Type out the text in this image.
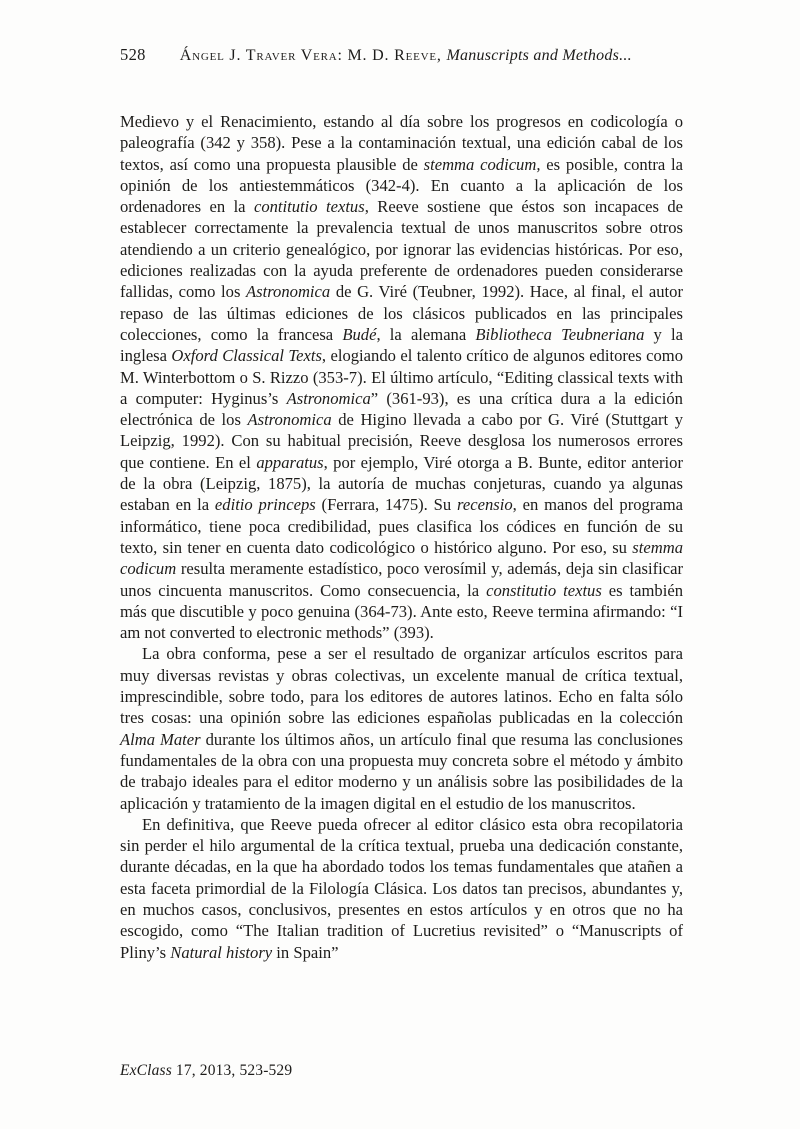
528 Ángel J. Traver Vera: M. D. Reeve, Manuscripts and Methods...

Medievo y el Renacimiento, estando al día sobre los progresos en codicología o paleografía (342 y 358). Pese a la contaminación textual, una edición cabal de los textos, así como una propuesta plausible de stemma codicum, es posible, contra la opinión de los antiestemmáticos (342-4). En cuanto a la aplicación de los ordenadores en la contitutio textus, Reeve sostiene que éstos son incapaces de establecer correctamente la prevalencia textual de unos manuscritos sobre otros atendiendo a un criterio genealógico, por ignorar las evidencias históricas. Por eso, ediciones realizadas con la ayuda preferente de ordenadores pueden considerarse fallidas, como los Astronomica de G. Viré (Teubner, 1992). Hace, al final, el autor repaso de las últimas ediciones de los clásicos publicados en las principales colecciones, como la francesa Budé, la alemana Bibliotheca Teubneriana y la inglesa Oxford Classical Texts, elogiando el talento crítico de algunos editores como M. Winterbottom o S. Rizzo (353-7). El último artículo, “Editing classical texts with a computer: Hyginus’s Astronomica” (361-93), es una crítica dura a la edición electrónica de los Astronomica de Higino llevada a cabo por G. Viré (Stuttgart y Leipzig, 1992). Con su habitual precisión, Reeve desglosa los numerosos errores que contiene. En el apparatus, por ejemplo, Viré otorga a B. Bunte, editor anterior de la obra (Leipzig, 1875), la autoría de muchas conjeturas, cuando ya algunas estaban en la editio princeps (Ferrara, 1475). Su recensio, en manos del programa informático, tiene poca credibilidad, pues clasifica los códices en función de su texto, sin tener en cuenta dato codicológico o histórico alguno. Por eso, su stemma codicum resulta meramente estadístico, poco verosímil y, además, deja sin clasificar unos cincuenta manuscritos. Como consecuencia, la constitutio textus es también más que discutible y poco genuina (364-73). Ante esto, Reeve termina afirmando: “I am not converted to electronic methods” (393).

La obra conforma, pese a ser el resultado de organizar artículos escritos para muy diversas revistas y obras colectivas, un excelente manual de crítica textual, imprescindible, sobre todo, para los editores de autores latinos. Echo en falta sólo tres cosas: una opinión sobre las ediciones españolas publicadas en la colección Alma Mater durante los últimos años, un artículo final que resuma las conclusiones fundamentales de la obra con una propuesta muy concreta sobre el método y ámbito de trabajo ideales para el editor moderno y un análisis sobre las posibilidades de la aplicación y tratamiento de la imagen digital en el estudio de los manuscritos.

En definitiva, que Reeve pueda ofrecer al editor clásico esta obra recopilatoria sin perder el hilo argumental de la crítica textual, prueba una dedicación constante, durante décadas, en la que ha abordado todos los temas fundamentales que atañen a esta faceta primordial de la Filología Clásica. Los datos tan precisos, abundantes y, en muchos casos, conclusivos, presentes en estos artículos y en otros que no ha escogido, como “The Italian tradition of Lucretius revisited” o “Manuscripts of Pliny’s Natural history in Spain”

ExClass 17, 2013, 523-529
